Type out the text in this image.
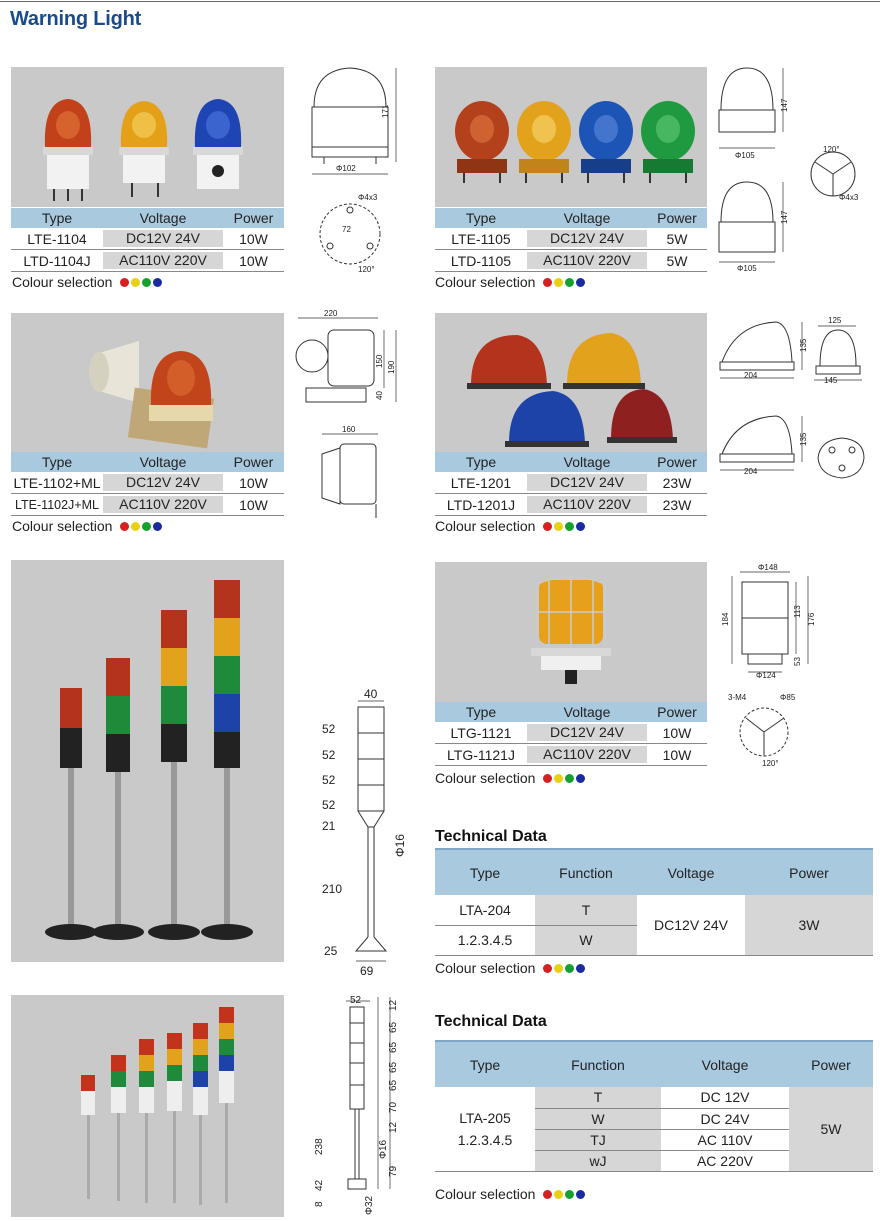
Warning Light
Type	Voltage	Power
LTE-1104	DC12V 24V	10W
LTD-1104J	AC110V 220V	10W
Colour selection
171
Φ102
Φ4x3
72
120°
Type	Voltage	Power
LTE-1105	DC12V 24V	5W
LTD-1105	AC110V 220V	5W
Colour selection
147
Φ105
147
Φ105
120°
Φ4x3
Type	Voltage	Power
LTE-1102+ML	DC12V 24V	10W
LTE-1102J+ML	AC110V 220V	10W
Colour selection
220
150 190
40
160
Type	Voltage	Power
LTE-1201	DC12V 24V	23W
LTD-1201J	AC110V 220V	23W
Colour selection
135
204
125
145
135
204
Type	Voltage	Power
LTG-1121	DC12V 24V	10W
LTG-1121J	AC110V 220V	10W
Colour selection
Φ148
184
113
176
53
Φ124
3-M4	Φ85
120°
40
52
52
52
52
21
Φ16
210
25
69
Technical Data
Type	Function	Voltage	Power
LTA-204	T	DC12V 24V	3W
1.2.3.4.5	W		
Colour selection
52	12
65
65
65
65
70
12
238	Φ16
79
42
8	Φ32
Technical Data
Type	Function	Voltage	Power

LTA-205
1.2.3.4.5	T	DC 12V	5W
	W	DC 24V	
	TJ	AC 110V	
	wJ	AC 220V	
Colour selection
